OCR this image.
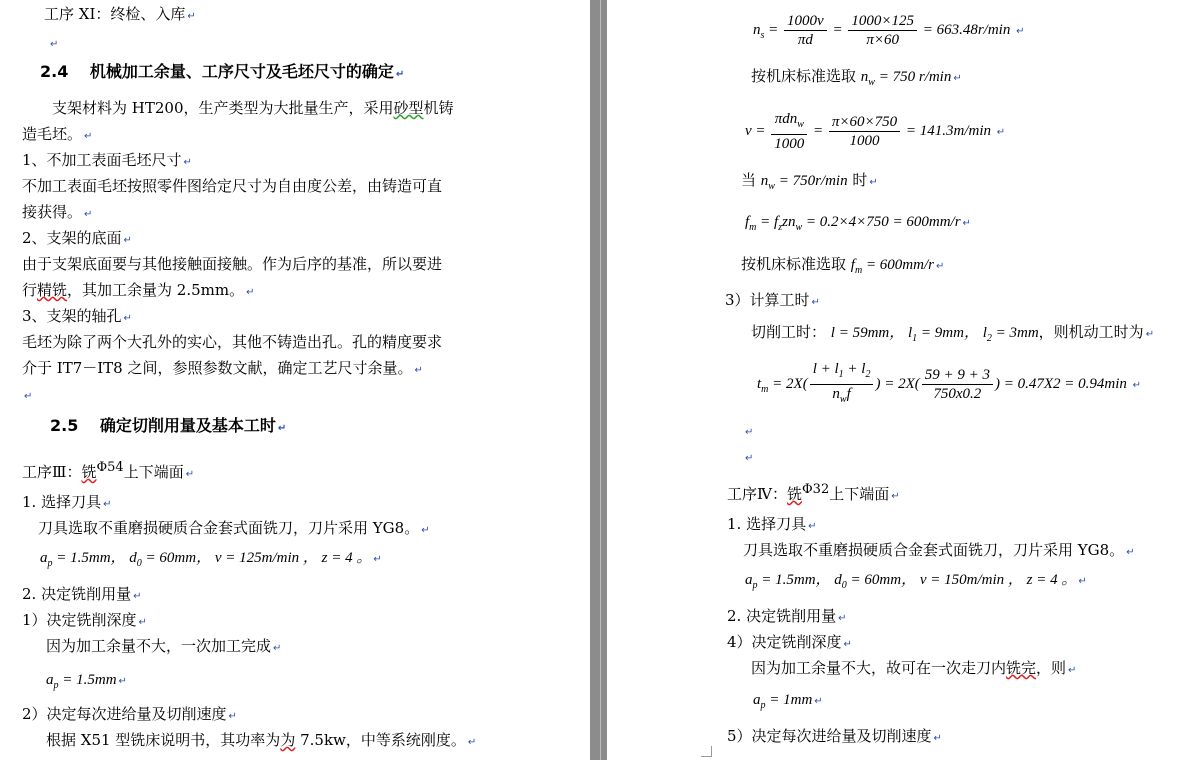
工序 XI：终检、入库 ↵
↵
2.4　 机械加工余量、工序尺寸及毛坯尺寸的确定 ↵
支架材料为 HT200，生产类型为大批量生产，采用砂型机铸
造毛坯。 ↵
1、不加工表面毛坯尺寸 ↵
不加工表面毛坯按照零件图给定尺寸为自由度公差，由铸造可直
接获得。 ↵
2、支架的底面 ↵
由于支架底面要与其他接触面接触。作为后序的基准，所以要进
行精铣，其加工余量为 2.5mm。 ↵
3、支架的轴孔 ↵
毛坯为除了两个大孔外的实心，其他不铸造出孔。孔的精度要求
介于 IT7－IT8 之间，参照参数文献，确定工艺尺寸余量。 ↵
↵
2.5　 确定切削用量及基本工时 ↵
工序Ⅲ：铣$^{\Phi 54}$上下端面 ↵
1. 选择刀具 ↵
刀具选取不重磨损硬质合金套式面铣刀，刀片采用 YG8。 ↵
$a_p = 1.5mm$， $d_0 = 60mm$， v = 125m/min ， z = 4 。 ↵
2. 决定铣削用量 ↵
1）决定铣削深度 ↵
因为加工余量不大，一次加工完成 ↵
$a_p = 1.5mm$ ↵
2）决定每次进给量及切削速度 ↵
根据 X51 型铣床说明书，其功率为为 7.5kw，中等系统刚度。 ↵
$n_s = \frac{1000v}{\pi d} = \frac{1000\times 125}{\pi\times 60} = 663.48r/\min$ ↵
按机床标准选取 $n_w = 750$ r/min ↵
$v = \frac{\pi dn_w}{1000} = \frac{\pi\times 60\times 750}{1000} = 141.3m/\min$ ↵
当 $n_w = 750r/\min$ 时 ↵
$f_m = f_zzn_w = 0.2\times 4\times 750 = 600mm/r$ ↵
按机床标准选取 $f_m = 600mm/r$ ↵
3）计算工时 ↵
切削工时： l = 59mm， $l_1 = 9mm$， $l_2 = 3mm$，则机动工时为 ↵
$t_m = 2X( \frac{l + l_1 + l_2}{n_wf}$ ) = $2X( \frac{59 + 9 + 3}{750x0.2}$ ) = 0.47X2 = 0.94min ↵
↵
↵
工序Ⅳ：铣$^{\Phi 32}$上下端面 ↵
1. 选择刀具 ↵
刀具选取不重磨损硬质合金套式面铣刀，刀片采用 YG8。 ↵
$a_p = 1.5mm$， $d_0 = 60mm$， v = 150m/min ， z = 4 。 ↵
2. 决定铣削用量 ↵
4）决定铣削深度 ↵
因为加工余量不大，故可在一次走刀内铣完，则 ↵
$a_p = 1mm$ ↵
5）决定每次进给量及切削速度 ↵
